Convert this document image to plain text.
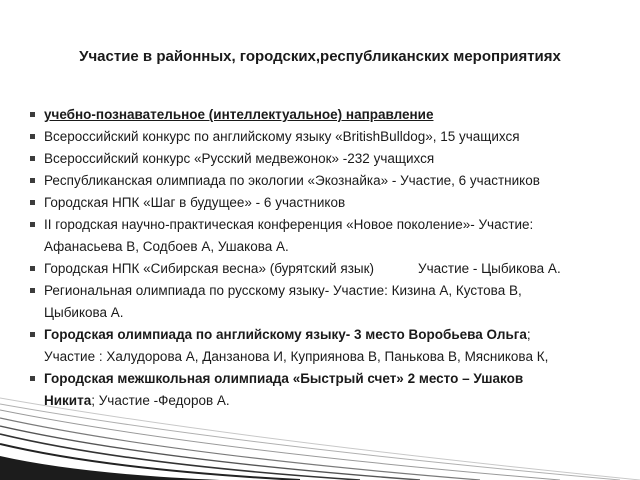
Участие в районных, городских,республиканских мероприятиях
учебно-познавательное (интеллектуальное) направление
Всероссийский конкурс по английскому языку «BritishBulldog», 15 учащихся
Всероссийский конкурс «Русский медвежонок» -232 учащихся
Республиканская олимпиада по экологии «Экознайка» - Участие, 6 участников
Городская НПК «Шаг в будущее» - 6 участников
II городская научно-практическая конференция «Новое поколение»- Участие:
Афанасьева В, Содбоев А, Ушакова А.
Городская НПК «Сибирская весна» (бурятский язык)	Участие - Цыбикова А.
Региональная олимпиада по русскому языку- Участие: Кизина А, Кустова В,
Цыбикова А.
Городская олимпиада по английскому языку- 3 место Воробьева Ольга;
Участие : Халудорова А, Данзанова И, Куприянова В, Панькова В, Мясникова К,
Городская межшкольная олимпиада «Быстрый счет» 2 место – Ушаков
Никита; Участие -Федоров А.
